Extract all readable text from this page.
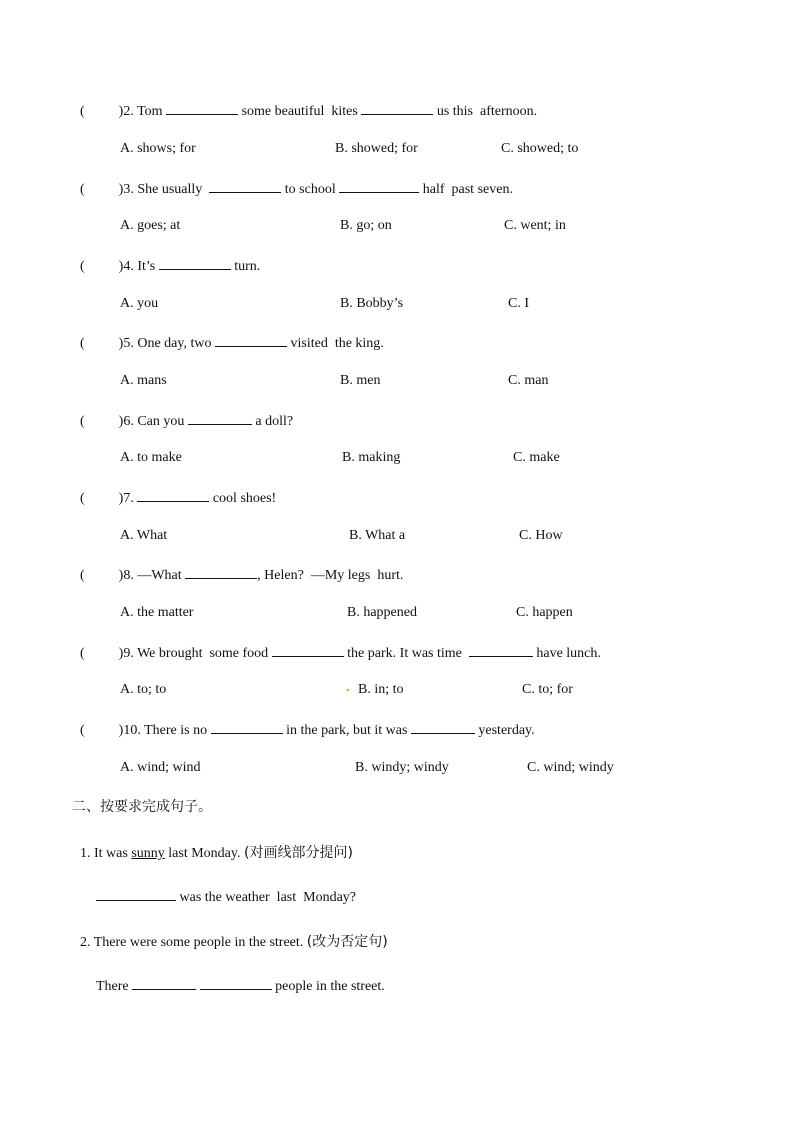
( )2. Tom	some beautiful  kites	us this  afternoon.
A. shows; for	B. showed; for	C. showed; to
( )3. She usually	to school	half  past seven.
A. goes; at	B. go; on	C. went; in
( )4. It’s	turn.
A. you	B. Bobby’s	C. I
( )5. One day, two	visited  the king.
A. mans	B. men	C. man
( )6. Can you	a doll?
A. to make	B. making	C. make
( )7.	cool shoes!
A. What	B. What a	C. How
( )8. —What	, Helen?  —My legs  hurt.
A. the matter	B. happened	C. happen
( )9. We brought  some food	the park. It was time	have lunch.
A. to; to	. B. in; to	C. to; for
( )10. There is no	in the park, but it was	yesterday.
A. wind; wind	B. windy; windy	C. wind; windy
二、按要求完成句子。
1. It was sunny last Monday. (对画线部分提问)
was the weather  last  Monday?
2. There were some people in the street. (改为否定句)
There	people in the street.
